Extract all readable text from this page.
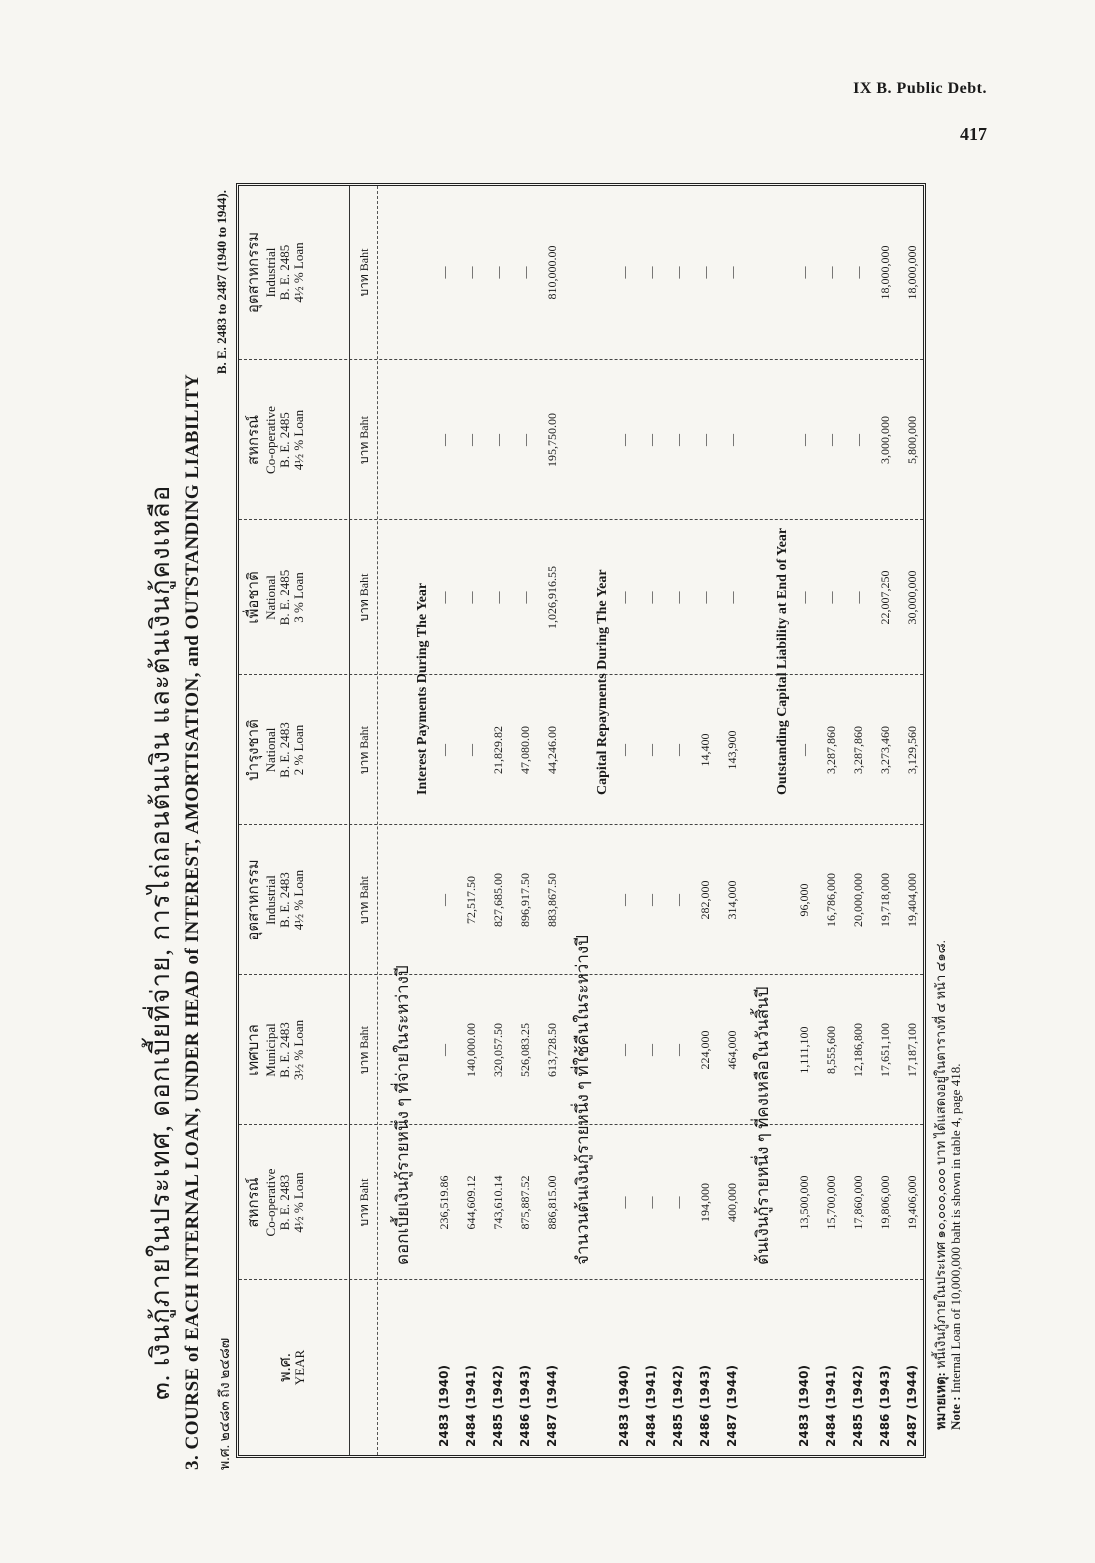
IX B. Public Debt.
417
๓. เงินกู้ภายในประเทศ, ดอกเบี้ยที่จ่าย, การไถ่ถอนต้นเงิน และต้นเงินกู้คงเหลือ 3. COURSE of EACH INTERNAL LOAN, UNDER HEAD of INTEREST, AMORTISATION, and OUTSTANDING LIABILITY พ.ศ. ๒๔๘๓ ถึง ๒๔๘๗
B. E. 2483 to 2487 (1940 to 1944).
พ.ศ.
YEAR
สหกรณ์ Co-operative B. E. 2483 4½ % Loan
เทศบาล Municipal B. E. 2483 3½ % Loan
อุตสาหกรรม Industrial B. E. 2483 4½ % Loan
บำรุงชาติ National B. E. 2483 2 % Loan
เพื่อชาติ National B. E. 2485 3 % Loan
สหกรณ์ Co-operative B. E. 2485 4½ % Loan
อุตสาหกรรม Industrial B. E. 2485 4½ % Loan
บาท Baht
บาท Baht
บาท Baht
บาท Baht
บาท Baht
บาท Baht
บาท Baht
ดอกเบี้ยเงินกู้รายหนึ่ง ๆ ที่จ่ายในระหว่างปี
Interest Payments During The Year
2483 (1940)
236,519.86
—
—
—
—
—
—
2484 (1941)
644,609.12
140,000.00
72,517.50
—
—
—
—
2485 (1942)
743,610.14
320,057.50
827,685.00
21,829.82
—
—
—
2486 (1943)
875,887.52
526,083.25
896,917.50
47,080.00
—
—
—
2487 (1944)
886,815.00
613,728.50
883,867.50
44,246.00
1,026,916.55
195,750.00
810,000.00
จำนวนต้นเงินกู้รายหนึ่ง ๆ ที่ใช้คืนในระหว่างปี
Capital Repayments During The Year
2483 (1940)
—
—
—
—
—
—
—
2484 (1941)
—
—
—
—
—
—
—
2485 (1942)
—
—
—
—
—
—
—
2486 (1943)
194,000
224,000
282,000
14,400
—
—
—
2487 (1944)
400,000
464,000
314,000
143,900
—
—
—
ต้นเงินกู้รายหนึ่ง ๆ ที่คงเหลือในวันสิ้นปี
Outstanding Capital Liability at End of Year
2483 (1940)
13,500,000
1,111,100
96,000
—
—
—
—
2484 (1941)
15,700,000
8,555,600
16,786,000
3,287,860
—
—
—
2485 (1942)
17,860,000
12,186,800
20,000,000
3,287,860
—
—
—
2486 (1943)
19,806,000
17,651,100
19,718,000
3,273,460
22,007,250
3,000,000
18,000,000
2487 (1944)
19,406,000
17,187,100
19,404,000
3,129,560
30,000,000
5,800,000
18,000,000
หมายเหตุ: หนี้เงินกู้ภายในประเทศ ๑๐,๐๐๐,๐๐๐ บาท ได้แสดงอยู่ในตารางที่ ๔ หน้า ๔๑๘.
Note : Internal Loan of 10,000,000 baht is shown in table 4, page 418.
